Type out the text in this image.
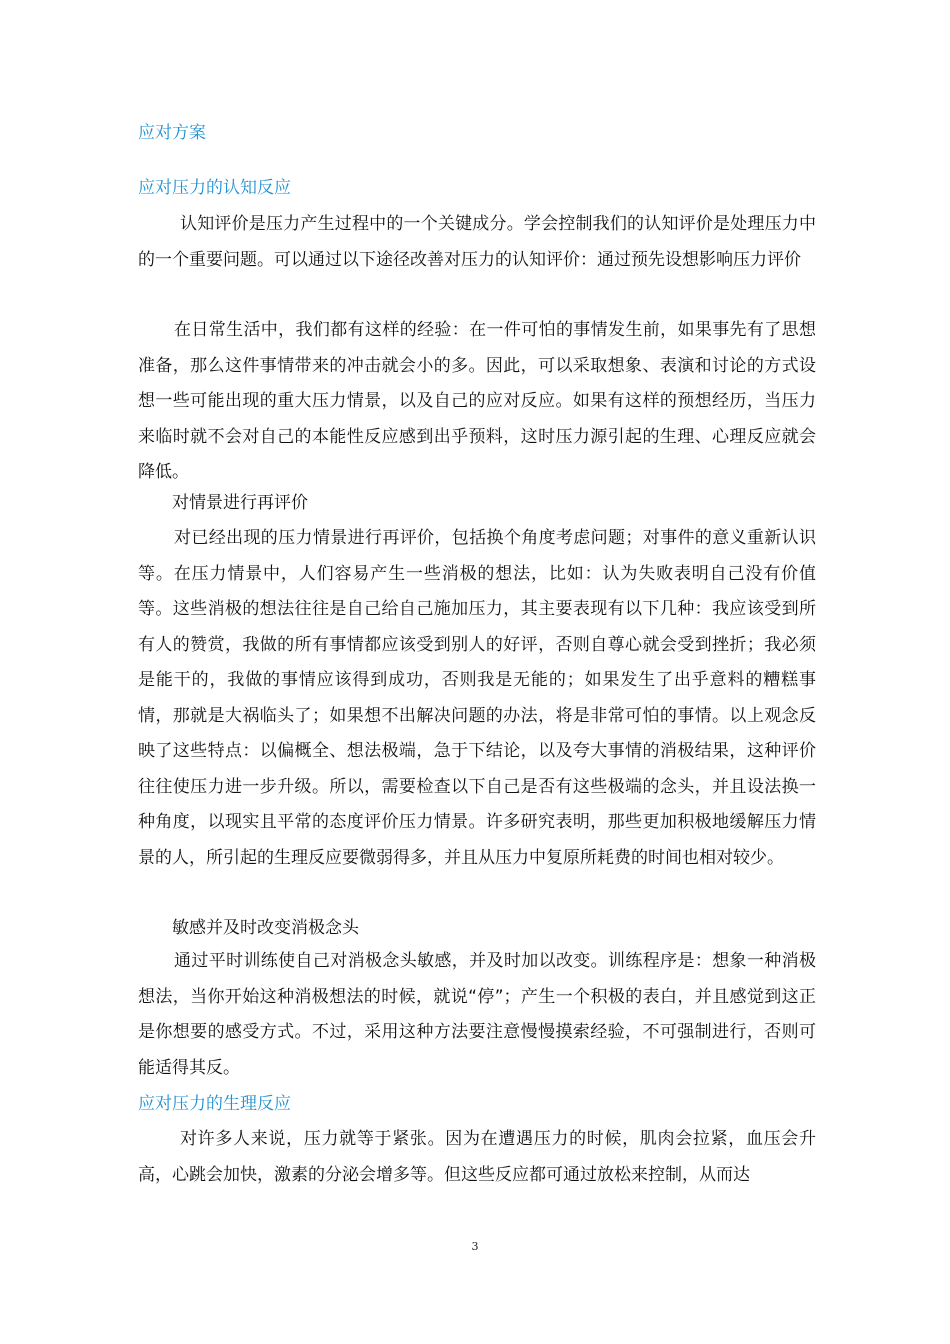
应对方案
应对压力的认知反应

认知评价是压力产生过程中的一个关键成分。学会控制我们的认知评价是处理压力中的一个重要问题。可以通过以下途径改善对压力的认知评价：通过预先设想影响压力评价

在日常生活中，我们都有这样的经验：在一件可怕的事情发生前，如果事先有了思想准备，那么这件事情带来的冲击就会小的多。因此，可以采取想象、表演和讨论的方式设想一些可能出现的重大压力情景，以及自己的应对反应。如果有这样的预想经历，当压力来临时就不会对自己的本能性反应感到出乎预料，这时压力源引起的生理、心理反应就会降低。

对情景进行再评价

对已经出现的压力情景进行再评价，包括换个角度考虑问题；对事件的意义重新认识等。在压力情景中，人们容易产生一些消极的想法，比如：认为失败表明自己没有价值等。这些消极的想法往往是自己给自己施加压力，其主要表现有以下几种：我应该受到所有人的赞赏，我做的所有事情都应该受到别人的好评，否则自尊心就会受到挫折；我必须是能干的，我做的事情应该得到成功，否则我是无能的；如果发生了出乎意料的糟糕事情，那就是大祸临头了；如果想不出解决问题的办法，将是非常可怕的事情。以上观念反映了这些特点：以偏概全、想法极端，急于下结论，以及夸大事情的消极结果，这种评价往往使压力进一步升级。所以，需要检查以下自己是否有这些极端的念头，并且设法换一种角度，以现实且平常的态度评价压力情景。许多研究表明，那些更加积极地缓解压力情景的人，所引起的生理反应要微弱得多，并且从压力中复原所耗费的时间也相对较少。

敏感并及时改变消极念头

通过平时训练使自己对消极念头敏感，并及时加以改变。训练程序是：想象一种消极想法，当你开始这种消极想法的时候，就说“停”；产生一个积极的表白，并且感觉到这正是你想要的感受方式。不过，采用这种方法要注意慢慢摸索经验，不可强制进行，否则可能适得其反。

应对压力的生理反应

对许多人来说，压力就等于紧张。因为在遭遇压力的时候，肌肉会拉紧，血压会升高，心跳会加快，激素的分泌会增多等。但这些反应都可通过放松来控制，从而达

3
